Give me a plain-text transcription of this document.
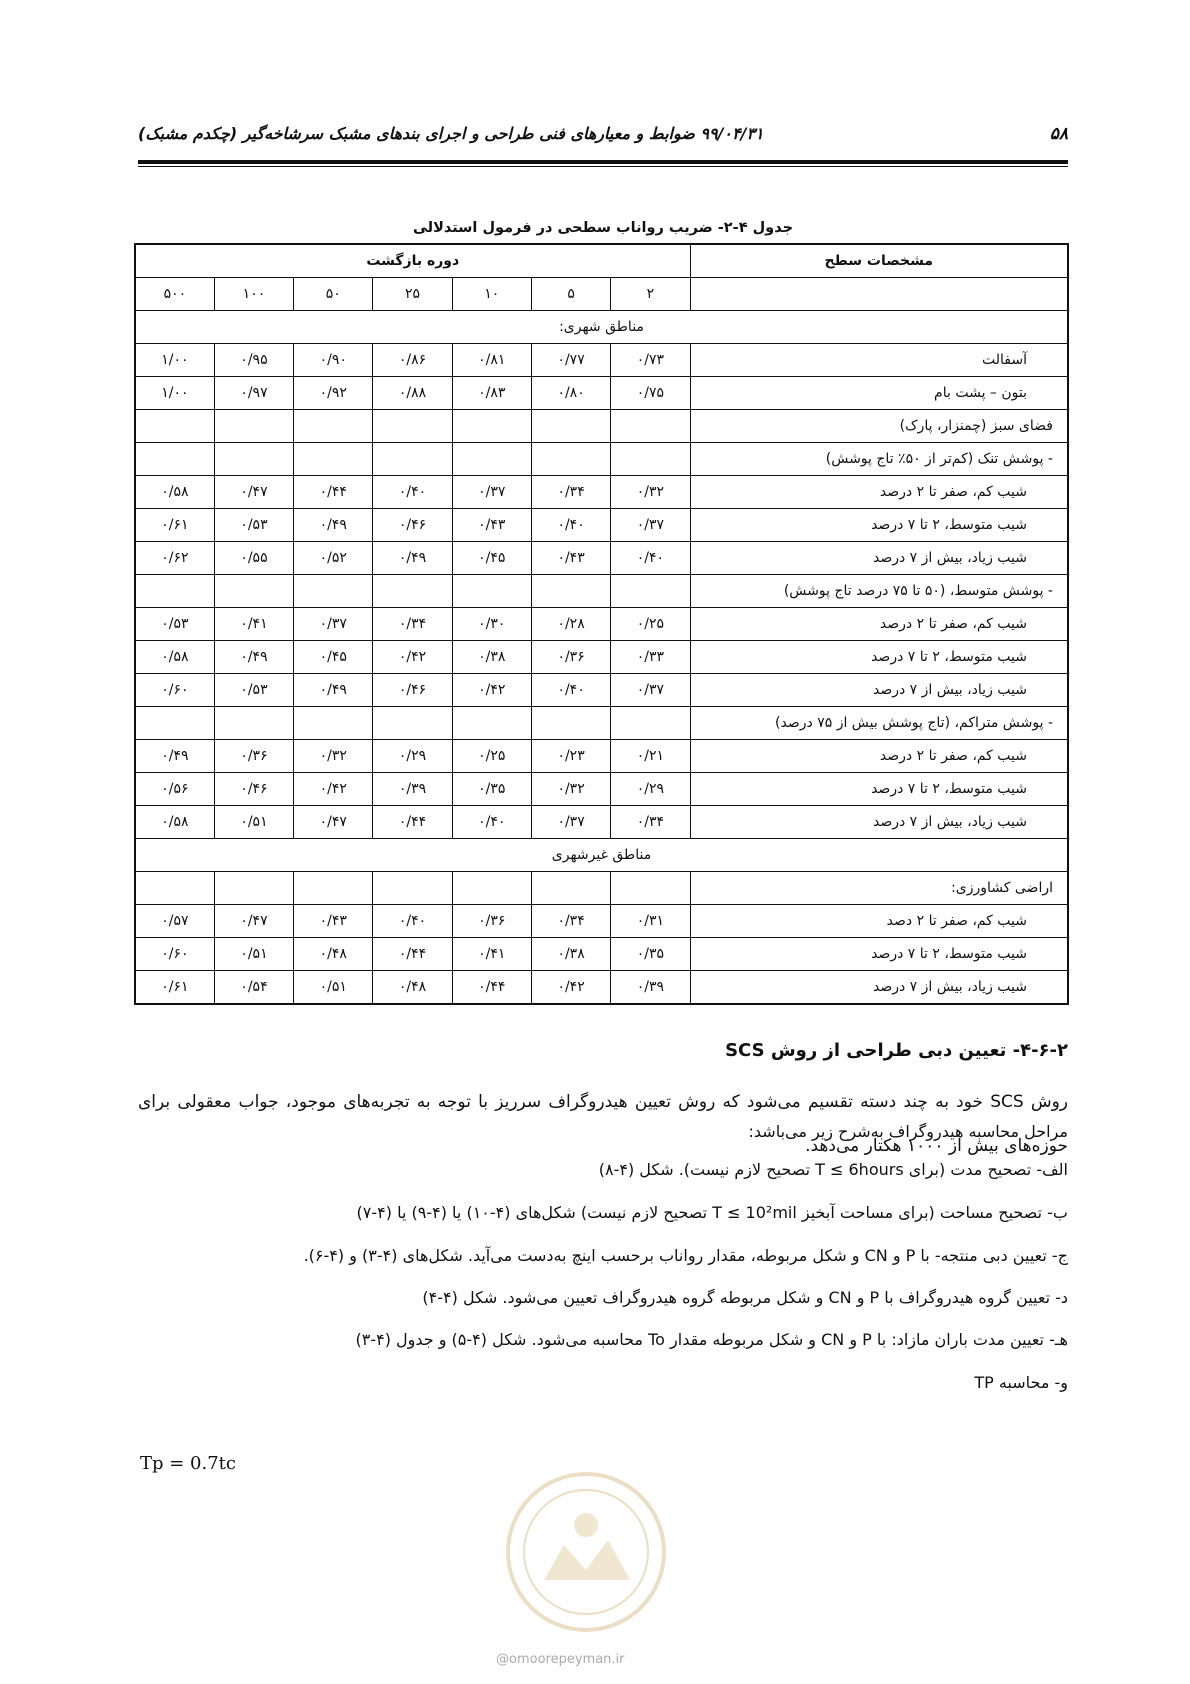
۵۸
۹۹/۰۴/۳۱ ضوابط و معیارهای فنی طراحی و اجرای بندهای مشبک سرشاخه‌گیر (چکدم مشبک)
جدول ۴-۲- ضریب رواناب سطحی در فرمول استدلالی
مشخصات سطح	دوره بازگشت						
	۲	۵	۱۰	۲۵	۵۰	۱۰۰	۵۰۰
مناطق شهری:							
آسفالت	۰/۷۳	۰/۷۷	۰/۸۱	۰/۸۶	۰/۹۰	۰/۹۵	۱/۰۰
بتون – پشت بام	۰/۷۵	۰/۸۰	۰/۸۳	۰/۸۸	۰/۹۲	۰/۹۷	۱/۰۰
فضای سبز (چمنزار، پارک)							
- پوشش تنک (کم‌تر از ۵۰٪ تاج پوشش)							
شیب کم، صفر تا ۲ درصد	۰/۳۲	۰/۳۴	۰/۳۷	۰/۴۰	۰/۴۴	۰/۴۷	۰/۵۸
شیب متوسط، ۲ تا ۷ درصد	۰/۳۷	۰/۴۰	۰/۴۳	۰/۴۶	۰/۴۹	۰/۵۳	۰/۶۱
شیب زیاد، بیش از ۷ درصد	۰/۴۰	۰/۴۳	۰/۴۵	۰/۴۹	۰/۵۲	۰/۵۵	۰/۶۲
- پوشش متوسط، (۵۰ تا ۷۵ درصد تاج پوشش)							
شیب کم، صفر تا ۲ درصد	۰/۲۵	۰/۲۸	۰/۳۰	۰/۳۴	۰/۳۷	۰/۴۱	۰/۵۳
شیب متوسط، ۲ تا ۷ درصد	۰/۳۳	۰/۳۶	۰/۳۸	۰/۴۲	۰/۴۵	۰/۴۹	۰/۵۸
شیب زیاد، بیش از ۷ درصد	۰/۳۷	۰/۴۰	۰/۴۲	۰/۴۶	۰/۴۹	۰/۵۳	۰/۶۰
- پوشش متراکم، (تاج پوشش بیش از ۷۵ درصد)							
شیب کم، صفر تا ۲ درصد	۰/۲۱	۰/۲۳	۰/۲۵	۰/۲۹	۰/۳۲	۰/۳۶	۰/۴۹
شیب متوسط، ۲ تا ۷ درصد	۰/۲۹	۰/۳۲	۰/۳۵	۰/۳۹	۰/۴۲	۰/۴۶	۰/۵۶
شیب زیاد، بیش از ۷ درصد	۰/۳۴	۰/۳۷	۰/۴۰	۰/۴۴	۰/۴۷	۰/۵۱	۰/۵۸
مناطق غیرشهری							
اراضی کشاورزی:							
شیب کم، صفر تا ۲ دصد	۰/۳۱	۰/۳۴	۰/۳۶	۰/۴۰	۰/۴۳	۰/۴۷	۰/۵۷
شیب متوسط، ۲ تا ۷ درصد	۰/۳۵	۰/۳۸	۰/۴۱	۰/۴۴	۰/۴۸	۰/۵۱	۰/۶۰
شیب زیاد، بیش از ۷ درصد	۰/۳۹	۰/۴۲	۰/۴۴	۰/۴۸	۰/۵۱	۰/۵۴	۰/۶۱
۴-۶-۲- تعیین دبی طراحی از روش SCS
روش SCS خود به چند دسته تقسیم می‌شود که روش تعیین هیدروگراف سرریز با توجه به تجربه‌های موجود، جواب معقولی برای حوزه‌های بیش از ۱۰۰۰ هکتار می‌دهد.
مراحل محاسبه هیدروگراف به‌شرح زیر می‌باشد:
الف- تصحیح مدت (برای T ≤ 6hours تصحیح لازم نیست). شکل (۴-۸)
ب- تصحیح مساحت (برای مساحت آبخیز T ≤ 10²mil تصحیح لازم نیست) شکل‌های (۴-۱۰) یا (۴-۹) یا (۴-۷)
ج- تعیین دبی منتجه- با P و CN و شکل مربوطه، مقدار رواناب برحسب اینچ به‌دست می‌آید. شکل‌های (۴-۳) و (۴-۶).
د- تعیین گروه هیدروگراف با P و CN و شکل مربوطه گروه هیدروگراف تعیین می‌شود. شکل (۴-۴)
هـ- تعیین مدت باران مازاد: با P و CN و شکل مربوطه مقدار To محاسبه می‌شود. شکل (۴-۵) و جدول (۴-۳)
و- محاسبه TP
Tp = 0.7tc
@omoorepeyman.ir
